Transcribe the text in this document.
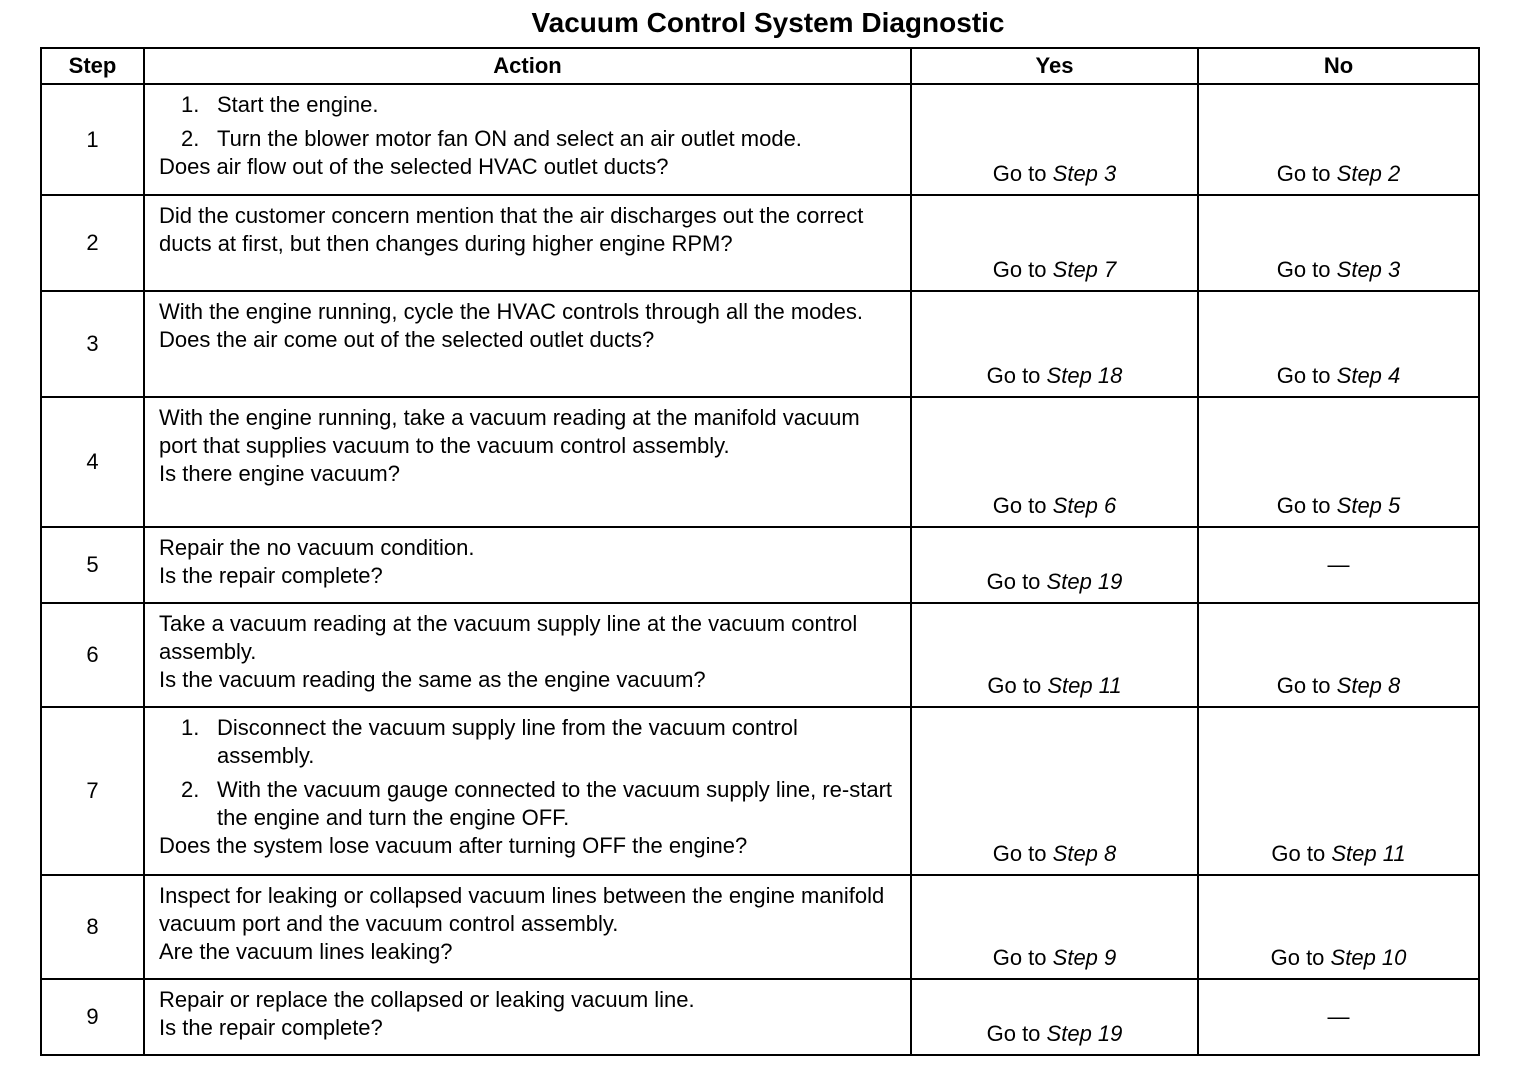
Vacuum Control System Diagnostic
Step	Action	Yes	No
1	1. Start the engine.
2. Turn the blower motor fan ON and select an air outlet mode.

Does air flow out of the selected HVAC outlet ducts?	Go to Step 3	Go to Step 2
2	Did the customer concern mention that the air discharges out the correct ducts at first, but then changes during higher engine RPM?	Go to Step 7	Go to Step 3
3	With the engine running, cycle the HVAC controls through all the modes.

Does the air come out of the selected outlet ducts?	Go to Step 18	Go to Step 4
4	With the engine running, take a vacuum reading at the manifold vacuum port that supplies vacuum to the vacuum control assembly.

Is there engine vacuum?	Go to Step 6	Go to Step 5
5	Repair the no vacuum condition.

Is the repair complete?	Go to Step 19	—
6	Take a vacuum reading at the vacuum supply line at the vacuum control assembly.

Is the vacuum reading the same as the engine vacuum?	Go to Step 11	Go to Step 8
7	1. Disconnect the vacuum supply line from the vacuum control assembly.
2. With the vacuum gauge connected to the vacuum supply line, re-start the engine and turn the engine OFF.

Does the system lose vacuum after turning OFF the engine?	Go to Step 8	Go to Step 11
8	Inspect for leaking or collapsed vacuum lines between the engine manifold vacuum port and the vacuum control assembly.

Are the vacuum lines leaking?	Go to Step 9	Go to Step 10
9	Repair or replace the collapsed or leaking vacuum line.

Is the repair complete?	Go to Step 19	—
